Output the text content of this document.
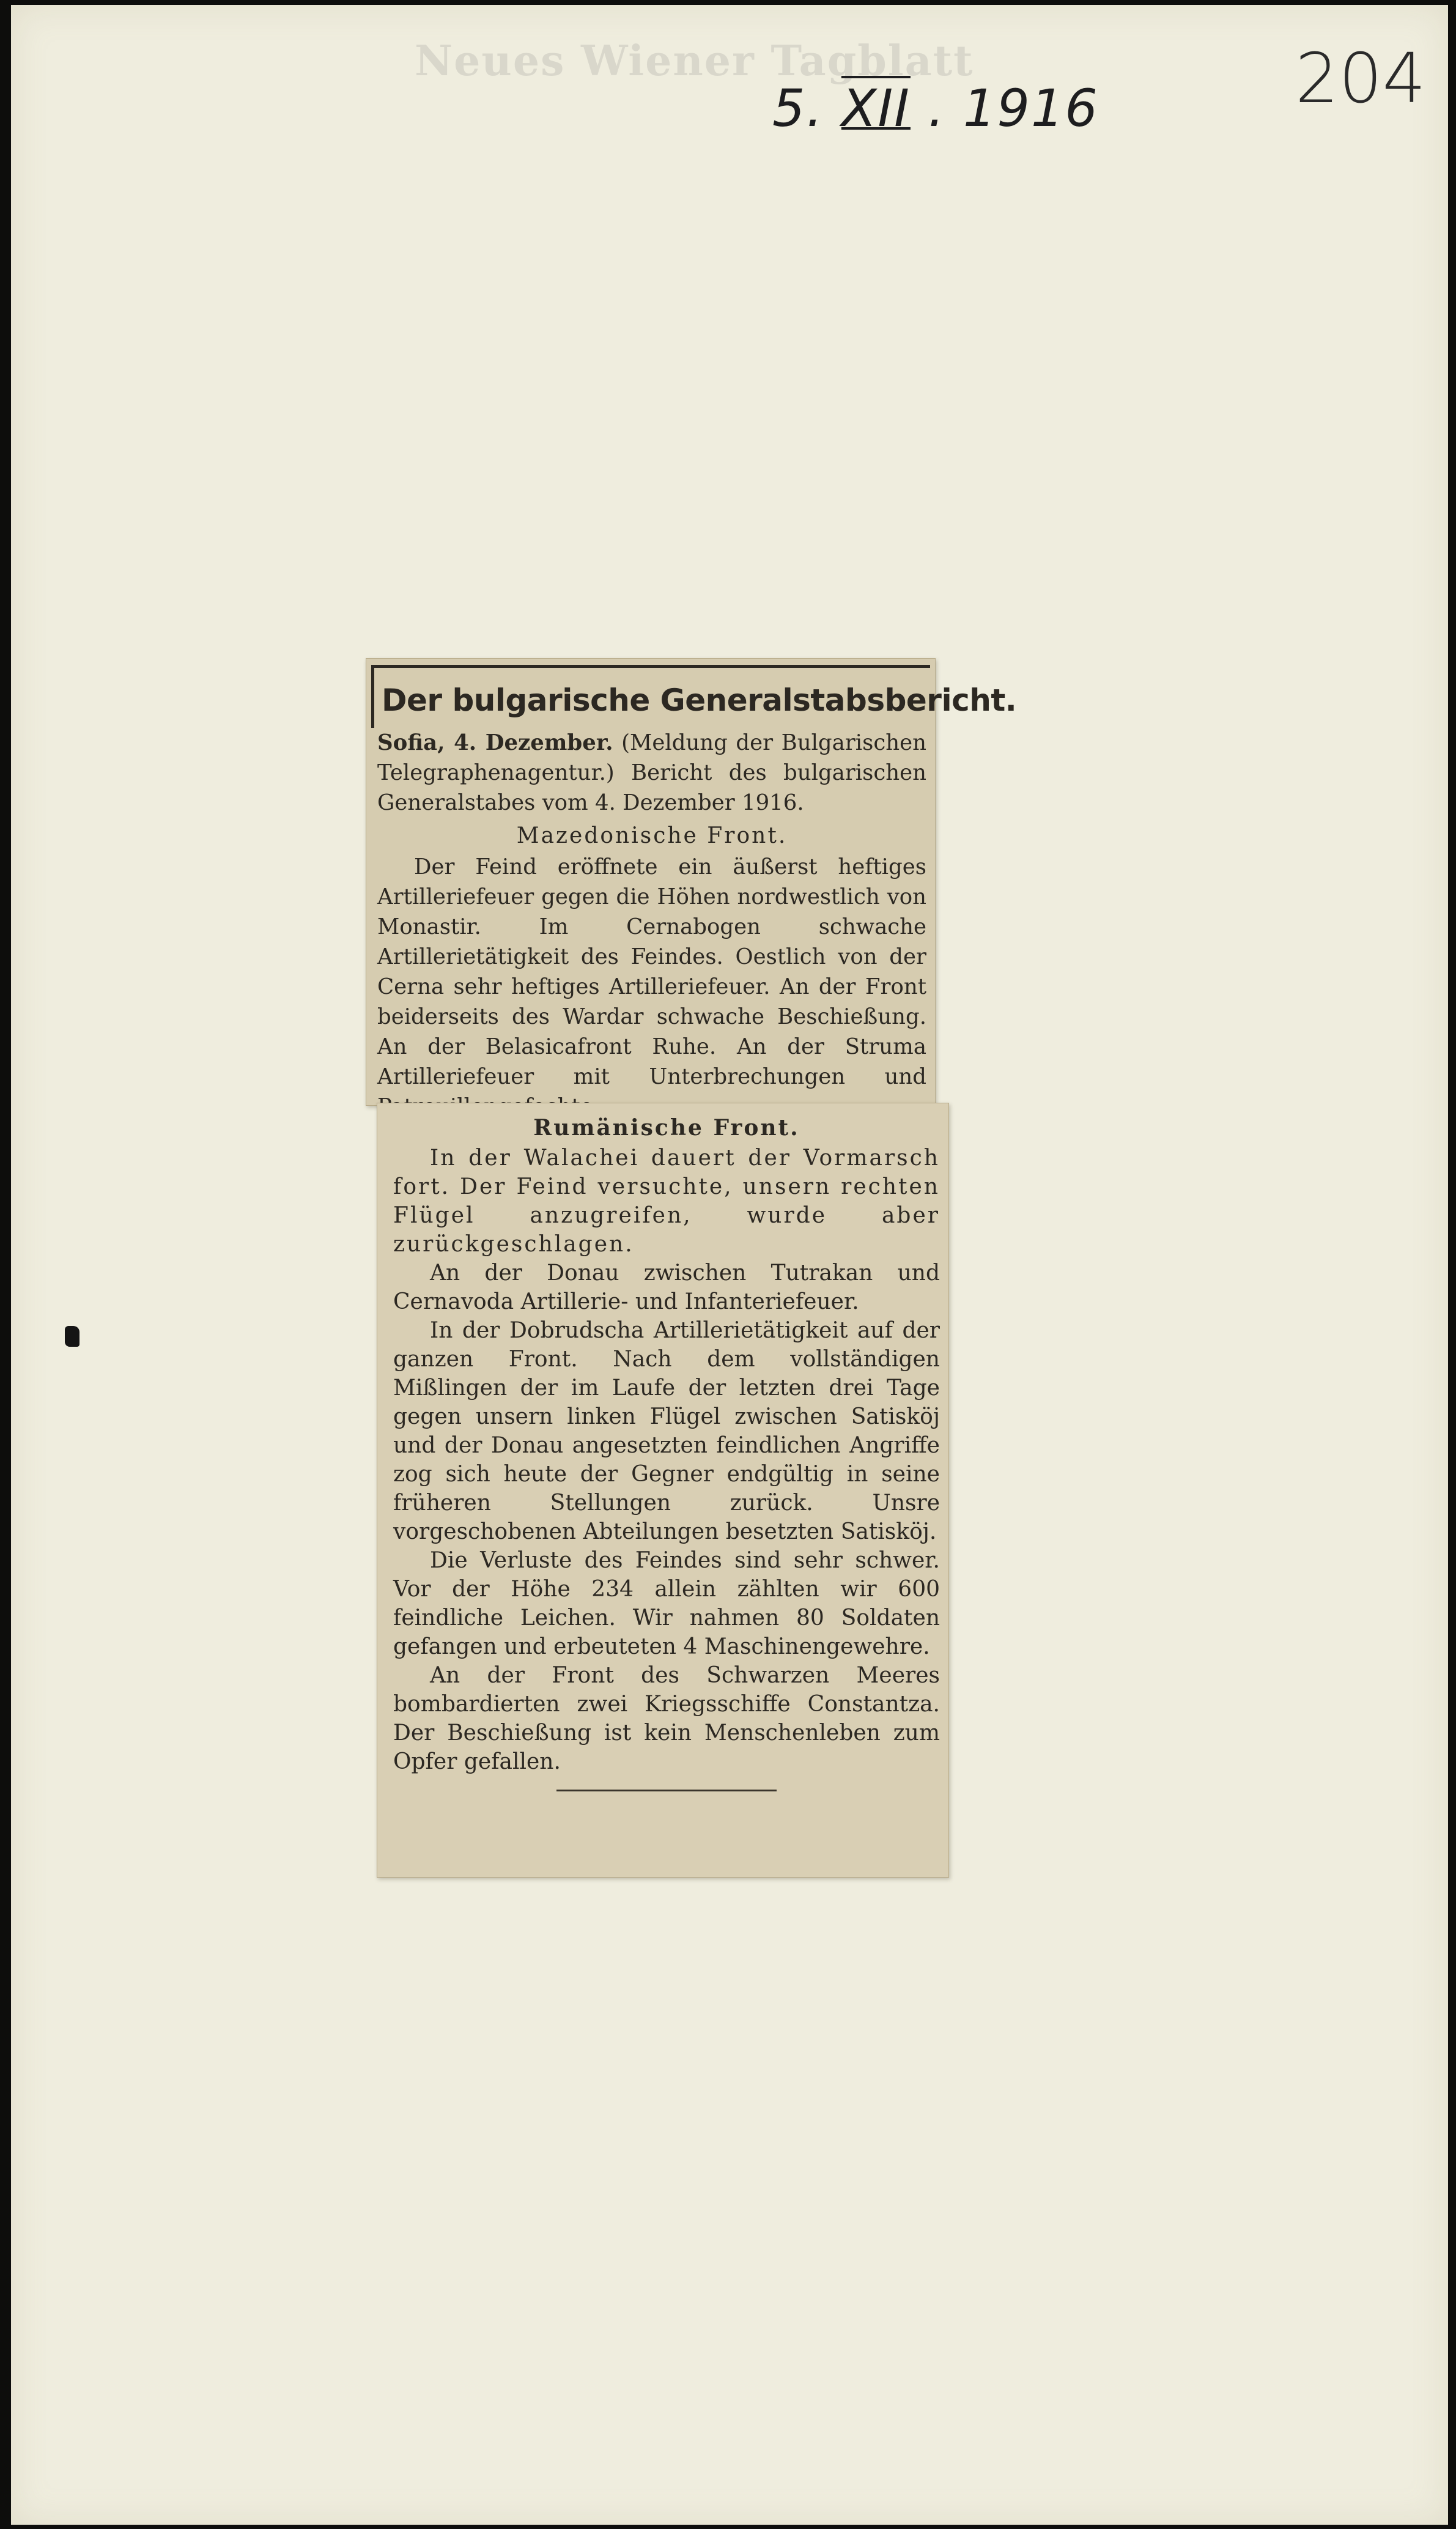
Neues Wiener Tagblatt
5. XII . 1916	204
Der bulgarische Generalstabsbericht.

Sofia, 4. Dezember. (Meldung der Bulgarischen Telegraphenagentur.) Bericht des bulgarischen Generalstabes vom 4. Dezember 1916.

Mazedonische Front.

Der Feind eröffnete ein äußerst heftiges Artilleriefeuer gegen die Höhen nordwestlich von Monastir. Im Cernabogen schwache Artillerietätigkeit des Feindes. Oestlich von der Cerna sehr heftiges Artilleriefeuer. An der Front beiderseits des Wardar schwache Beschießung. An der Belasicafront Ruhe. An der Struma Artilleriefeuer mit Unterbrechungen und

Rumänische Front.

In der Walachei dauert der Vormarsch fort. Der Feind versuchte, unsern rechten Flügel anzugreifen, wurde aber zurückgeschlagen.

An der Donau zwischen Tutrakan und Cernavoda Artillerie- und Infanteriefeuer.

In der Dobrudscha Artillerietätigkeit auf der ganzen Front. Nach dem vollständigen Mißlingen der im Laufe der letzten drei Tage gegen unsern linken Flügel zwischen Satisköj und der Donau angesetzten feindlichen Angriffe zog sich heute der Gegner endgültig in seine früheren Stellungen zurück. Unsre vorgeschobenen Abteilungen besetzten Satisköj.

Die Verluste des Feindes sind sehr schwer. Vor der Höhe 234 allein zählten wir 600 feindliche Leichen. Wir nahmen 80 Soldaten gefangen und erbeuteten 4 Maschinengewehre.

An der Front des Schwarzen Meeres bombardierten zwei Kriegsschiffe Constantza. Der Beschießung ist kein Menschenleben zum Opfer gefallen.
